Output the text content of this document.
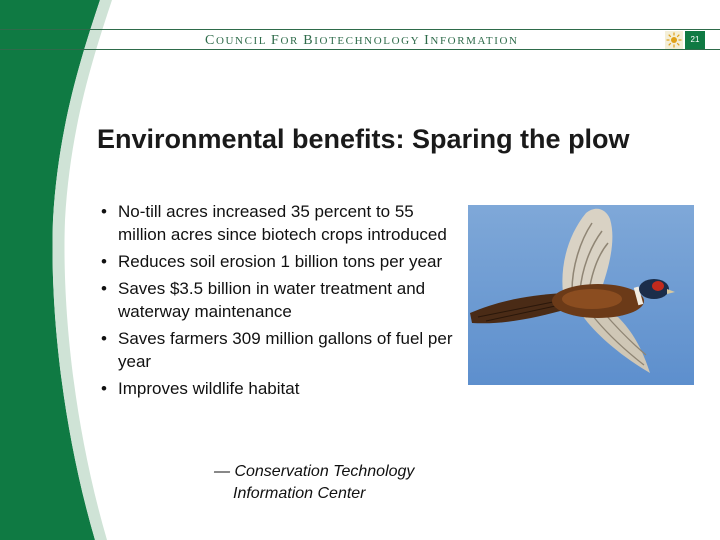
COUNCIL FOR BIOTECHNOLOGY INFORMATION	21
Environmental benefits: Sparing the plow
• No-till acres increased 35 percent to 55 million acres since biotech crops introduced
• Reduces soil erosion 1 billion tons per year
• Saves $3.5 billion in water treatment and waterway maintenance
• Saves farmers 309 million gallons of fuel per year
• Improves wildlife habitat
— Conservation Technology
Information Center
